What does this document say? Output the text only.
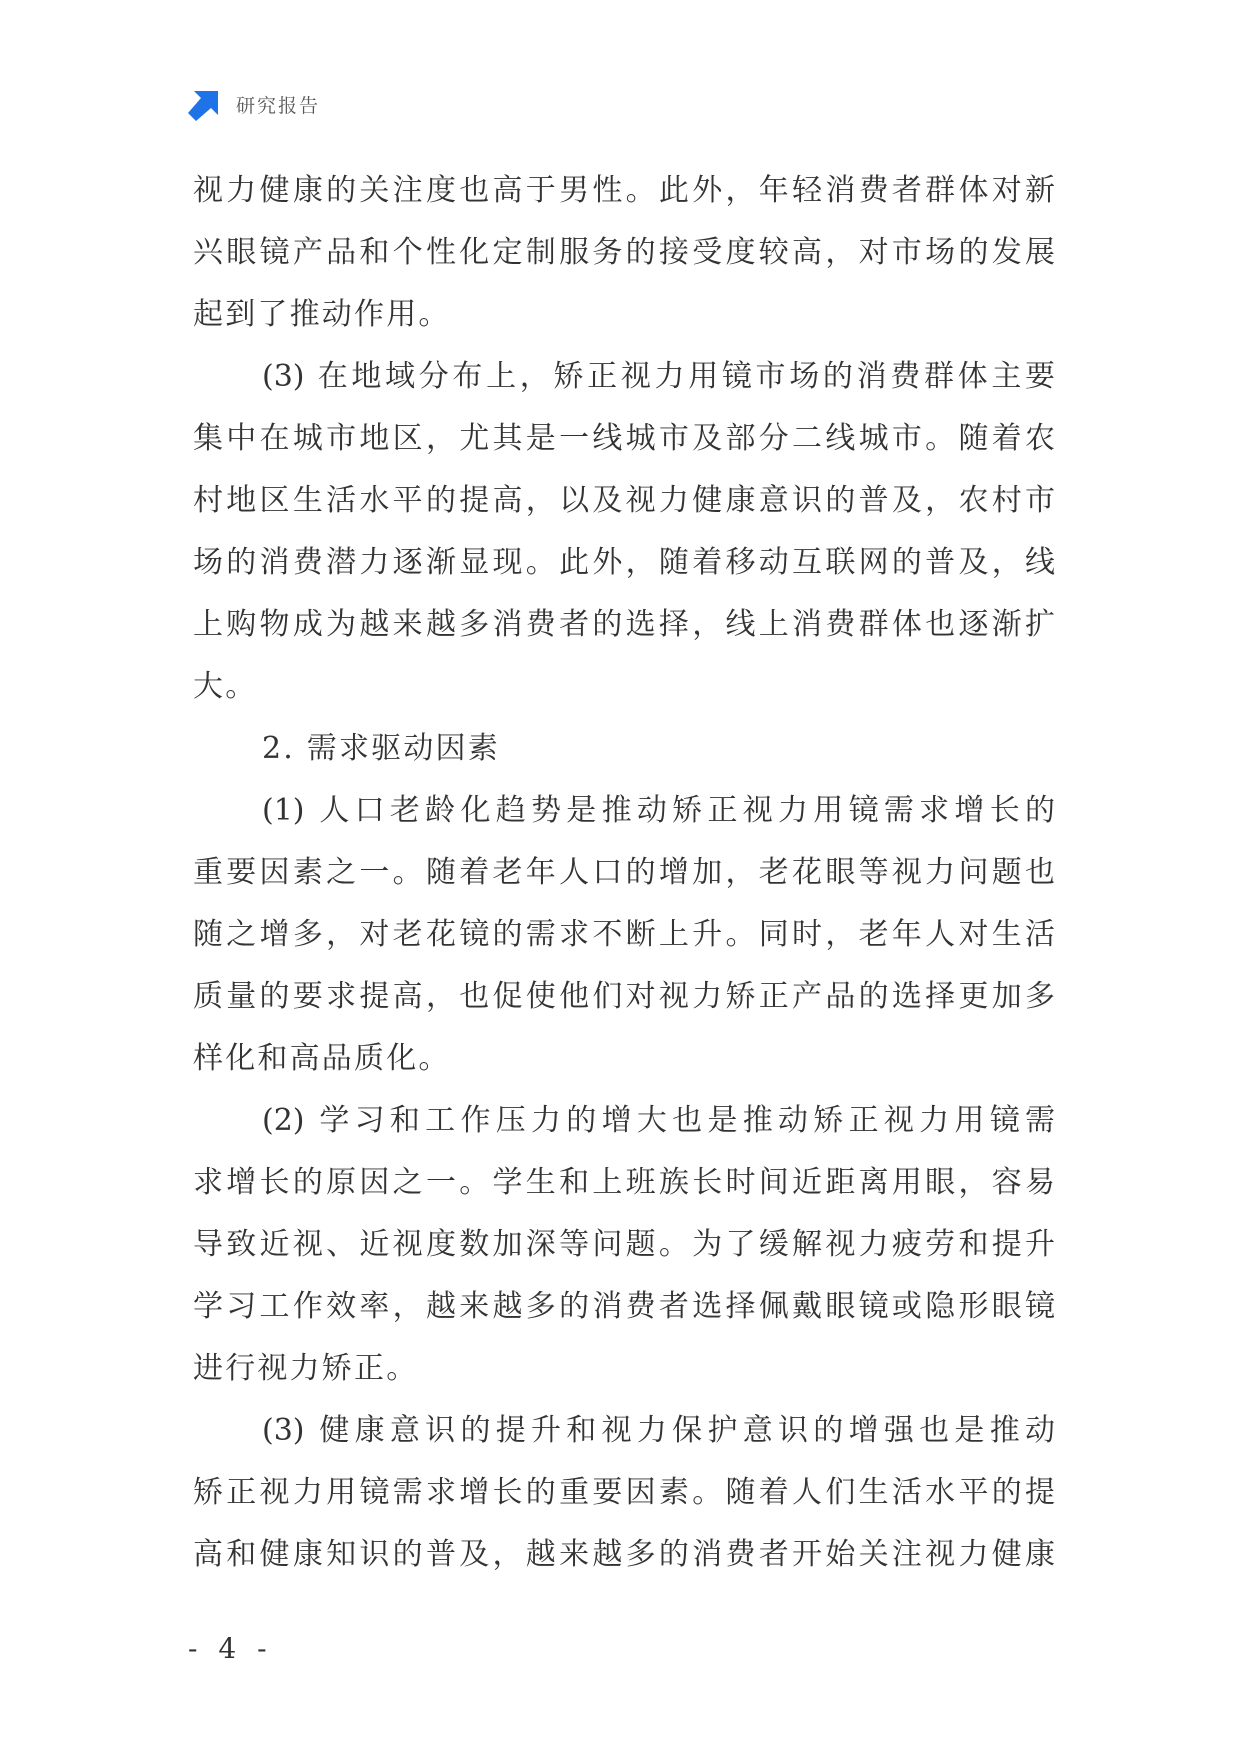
研究报告
视力健康的关注度也高于男性。此外，年轻消费者群体对新
兴眼镜产品和个性化定制服务的接受度较高，对市场的发展
起到了推动作用。
(3) 在地域分布上，矫正视力用镜市场的消费群体主要
集中在城市地区，尤其是一线城市及部分二线城市。随着农
村地区生活水平的提高，以及视力健康意识的普及，农村市
场的消费潜力逐渐显现。此外，随着移动互联网的普及，线
上购物成为越来越多消费者的选择，线上消费群体也逐渐扩
大。
2. 需求驱动因素
(1) 人口老龄化趋势是推动矫正视力用镜需求增长的
重要因素之一。随着老年人口的增加，老花眼等视力问题也
随之增多，对老花镜的需求不断上升。同时，老年人对生活
质量的要求提高，也促使他们对视力矫正产品的选择更加多
样化和高品质化。
(2) 学习和工作压力的增大也是推动矫正视力用镜需
求增长的原因之一。学生和上班族长时间近距离用眼，容易
导致近视、近视度数加深等问题。为了缓解视力疲劳和提升
学习工作效率，越来越多的消费者选择佩戴眼镜或隐形眼镜
进行视力矫正。
(3) 健康意识的提升和视力保护意识的增强也是推动
矫正视力用镜需求增长的重要因素。随着人们生活水平的提
高和健康知识的普及，越来越多的消费者开始关注视力健康
- 4 -
